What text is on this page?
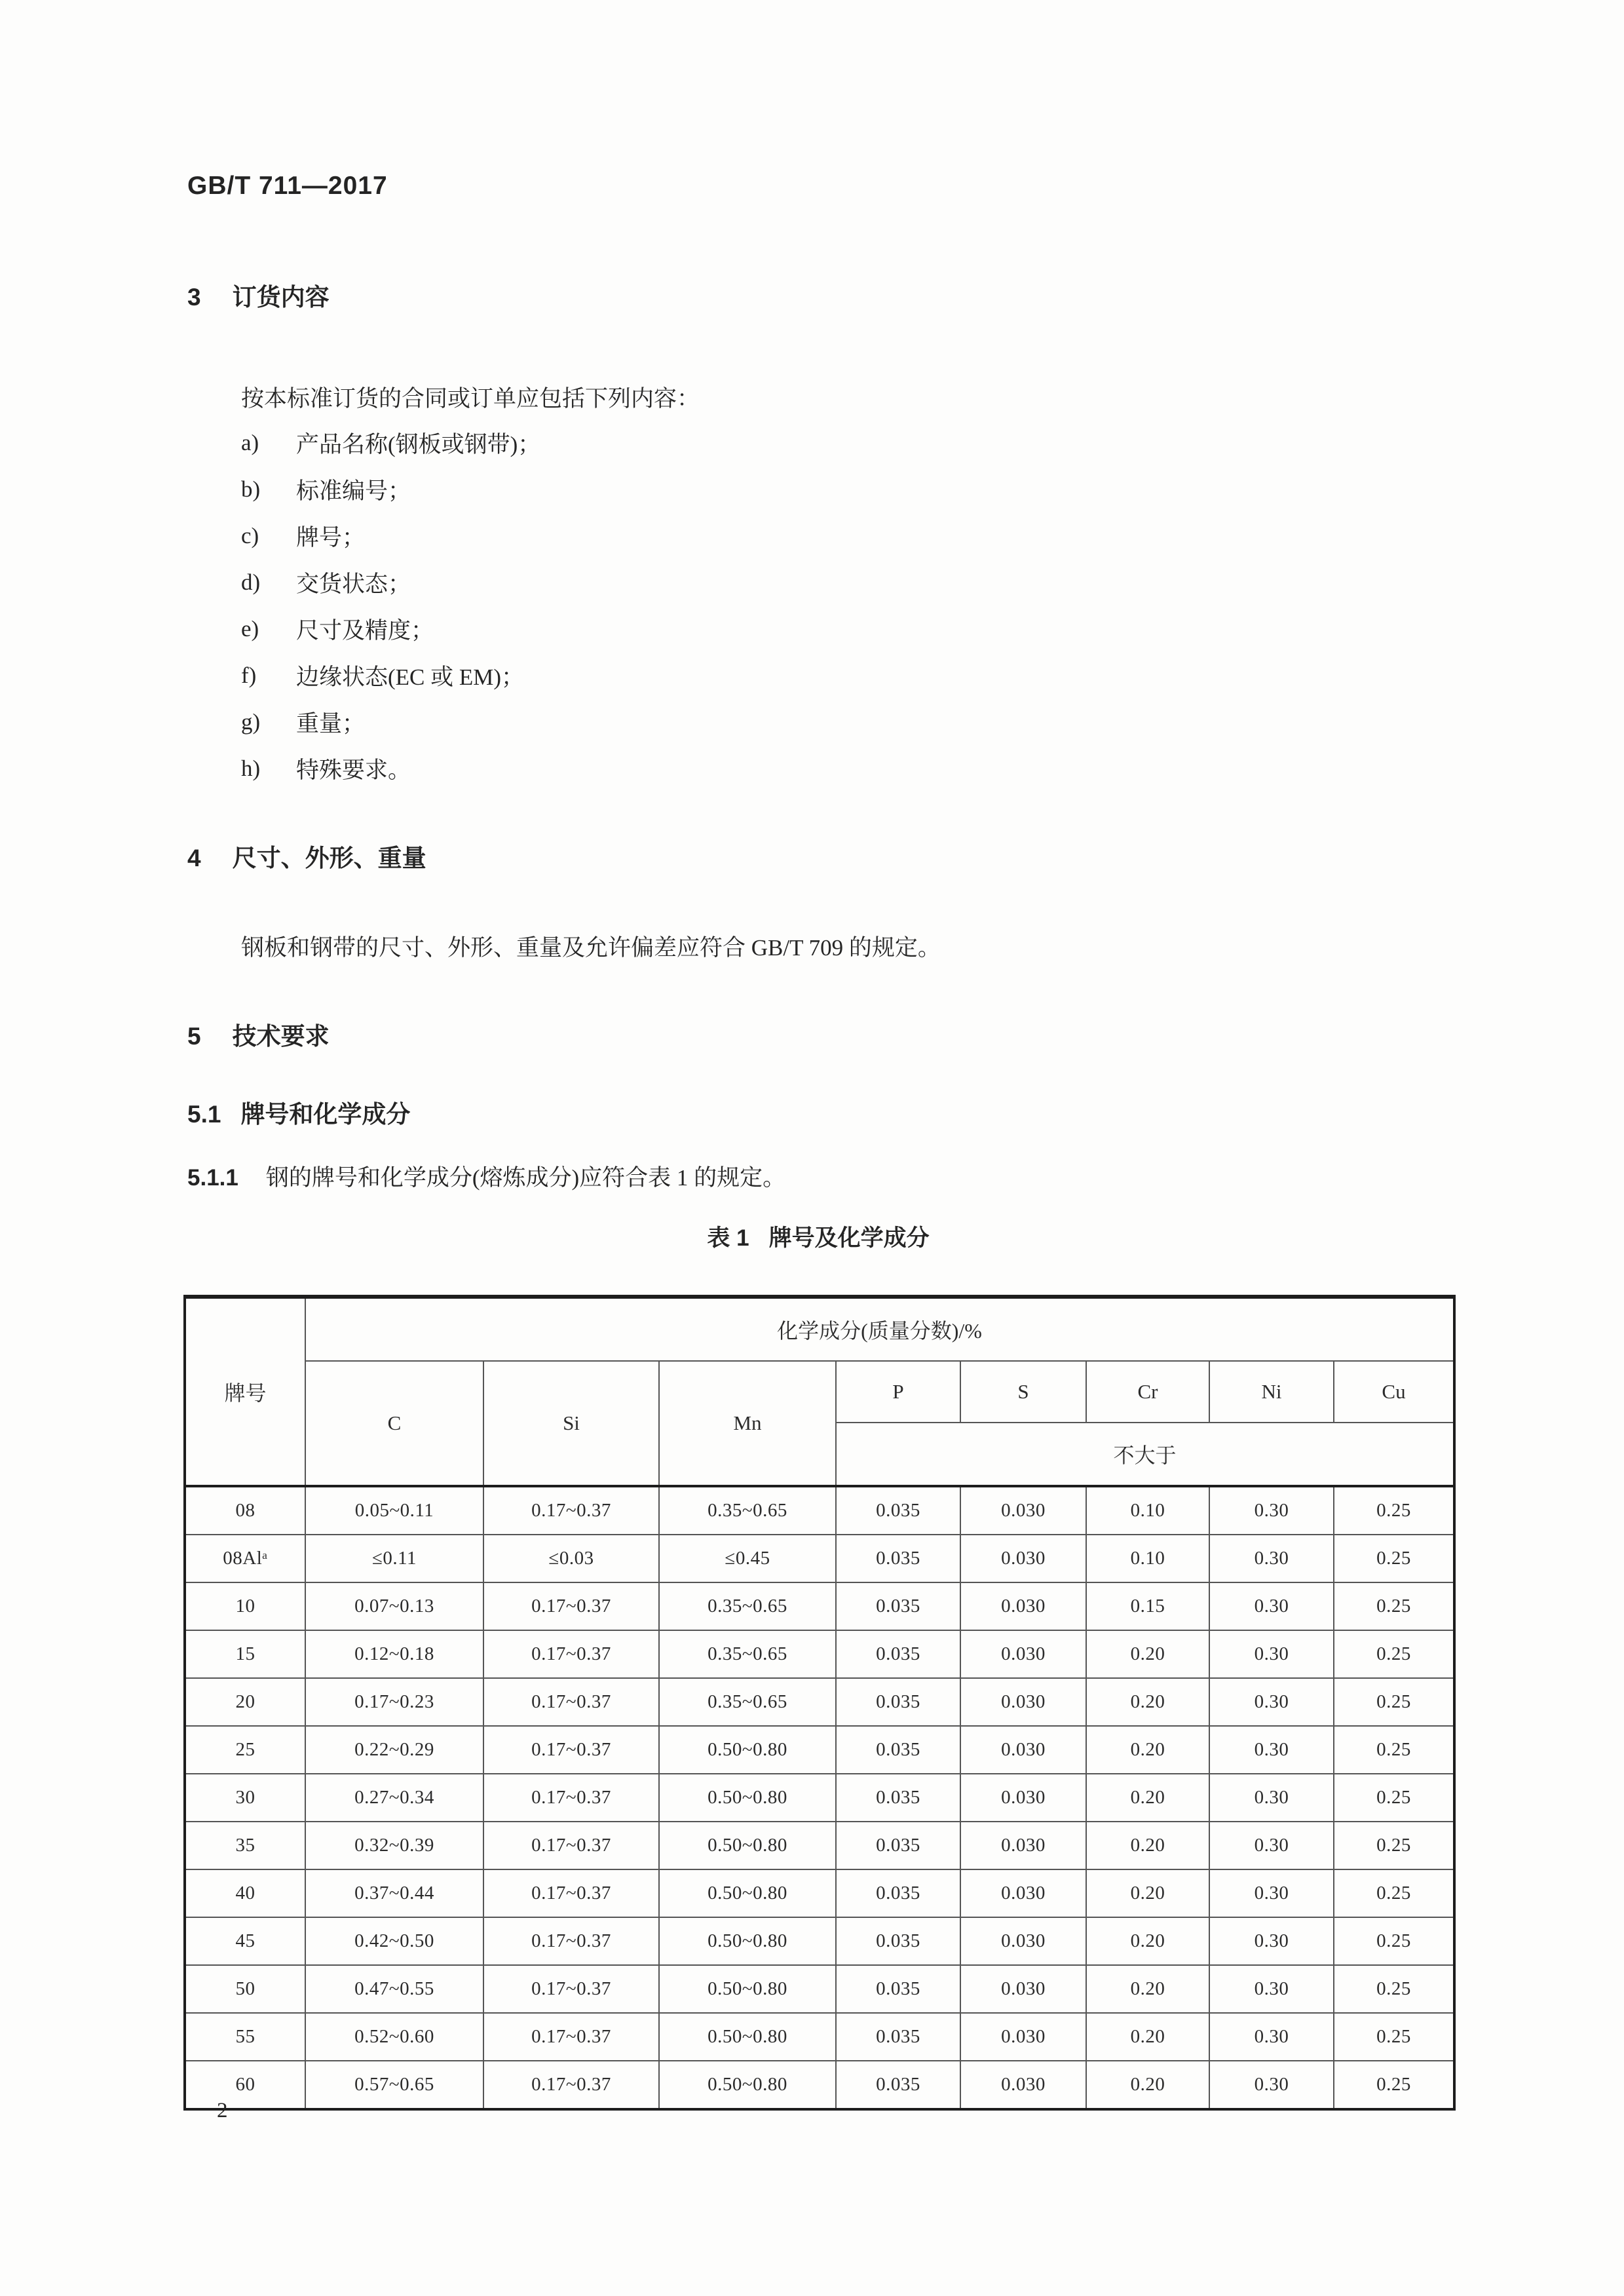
GB/T 711—2017
3 订货内容
按本标准订货的合同或订单应包括下列内容：
a)	产品名称(钢板或钢带)；
b)	标准编号；
c)	牌号；
d)	交货状态；
e)	尺寸及精度；
f)	边缘状态(EC 或 EM)；
g)	重量；
h)	特殊要求。
4 尺寸、外形、重量
钢板和钢带的尺寸、外形、重量及允许偏差应符合 GB/T 709 的规定。
5 技术要求
5.1 牌号和化学成分
5.1.1 钢的牌号和化学成分(熔炼成分)应符合表 1 的规定。
表 1 牌号及化学成分
牌号	化学成分(质量分数)/%							
	C	Si	Mn	P	S	Cr	Ni	Cu
				不大于				
08	0.05~0.11	0.17~0.37	0.35~0.65	0.035	0.030	0.10	0.30	0.25
08Alᵃ	≤0.11	≤0.03	≤0.45	0.035	0.030	0.10	0.30	0.25
10	0.07~0.13	0.17~0.37	0.35~0.65	0.035	0.030	0.15	0.30	0.25
15	0.12~0.18	0.17~0.37	0.35~0.65	0.035	0.030	0.20	0.30	0.25
20	0.17~0.23	0.17~0.37	0.35~0.65	0.035	0.030	0.20	0.30	0.25
25	0.22~0.29	0.17~0.37	0.50~0.80	0.035	0.030	0.20	0.30	0.25
30	0.27~0.34	0.17~0.37	0.50~0.80	0.035	0.030	0.20	0.30	0.25
35	0.32~0.39	0.17~0.37	0.50~0.80	0.035	0.030	0.20	0.30	0.25
40	0.37~0.44	0.17~0.37	0.50~0.80	0.035	0.030	0.20	0.30	0.25
45	0.42~0.50	0.17~0.37	0.50~0.80	0.035	0.030	0.20	0.30	0.25
50	0.47~0.55	0.17~0.37	0.50~0.80	0.035	0.030	0.20	0.30	0.25
55	0.52~0.60	0.17~0.37	0.50~0.80	0.035	0.030	0.20	0.30	0.25
60	0.57~0.65	0.17~0.37	0.50~0.80	0.035	0.030	0.20	0.30	0.25
2
